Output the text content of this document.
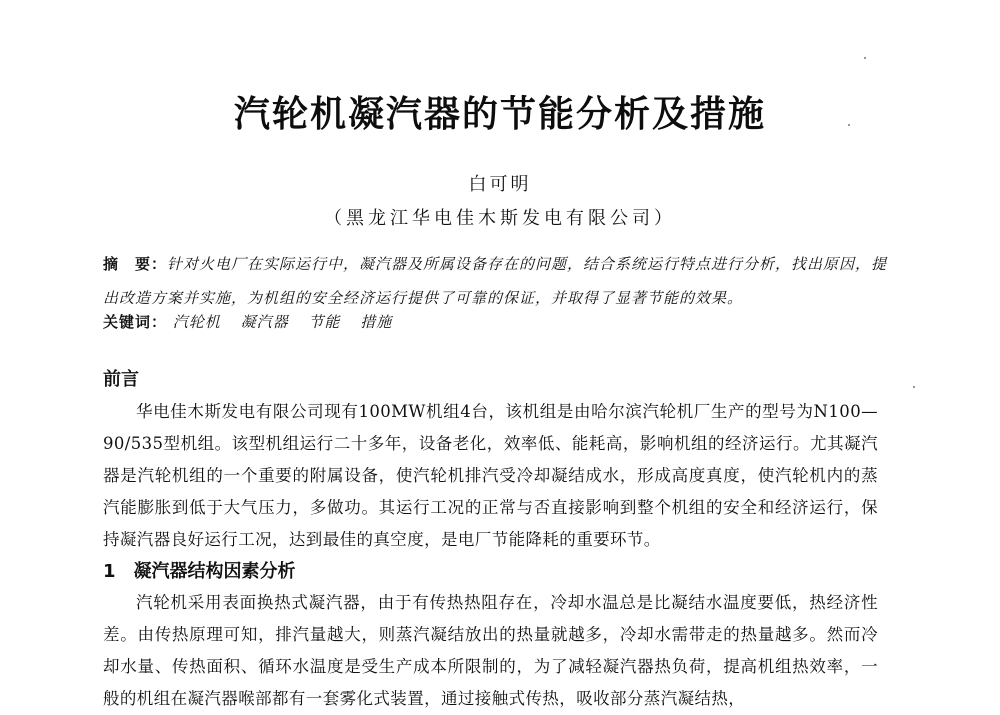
汽轮机凝汽器的节能分析及措施
白可明
（黑龙江华电佳木斯发电有限公司）
摘　要：针对火电厂在实际运行中，凝汽器及所属设备存在的问题，结合系统运行特点进行分析，找出原因，提出改造方案并实施，为机组的安全经济运行提供了可靠的保证，并取得了显著节能的效果。
关键词： 汽轮机 凝汽器 节能 措施
前言

华电佳木斯发电有限公司现有100MW机组4台，该机组是由哈尔滨汽轮机厂生产的型号为N100—90/535型机组。该型机组运行二十多年，设备老化，效率低、能耗高，影响机组的经济运行。尤其凝汽器是汽轮机组的一个重要的附属设备，使汽轮机排汽受冷却凝结成水，形成高度真度，使汽轮机内的蒸汽能膨胀到低于大气压力，多做功。其运行工况的正常与否直接影响到整个机组的安全和经济运行，保持凝汽器良好运行工况，达到最佳的真空度，是电厂节能降耗的重要环节。

1 凝汽器结构因素分析

汽轮机采用表面换热式凝汽器，由于有传热热阻存在，冷却水温总是比凝结水温度要低，热经济性差。由传热原理可知，排汽量越大，则蒸汽凝结放出的热量就越多，冷却水需带走的热量越多。然而冷却水量、传热面积、循环水温度是受生产成本所限制的，为了减轻凝汽器热负荷，提高机组热效率，一般的机组在凝汽器喉部都有一套雾化式装置，通过接触式传热，吸收部分蒸汽凝结热，
